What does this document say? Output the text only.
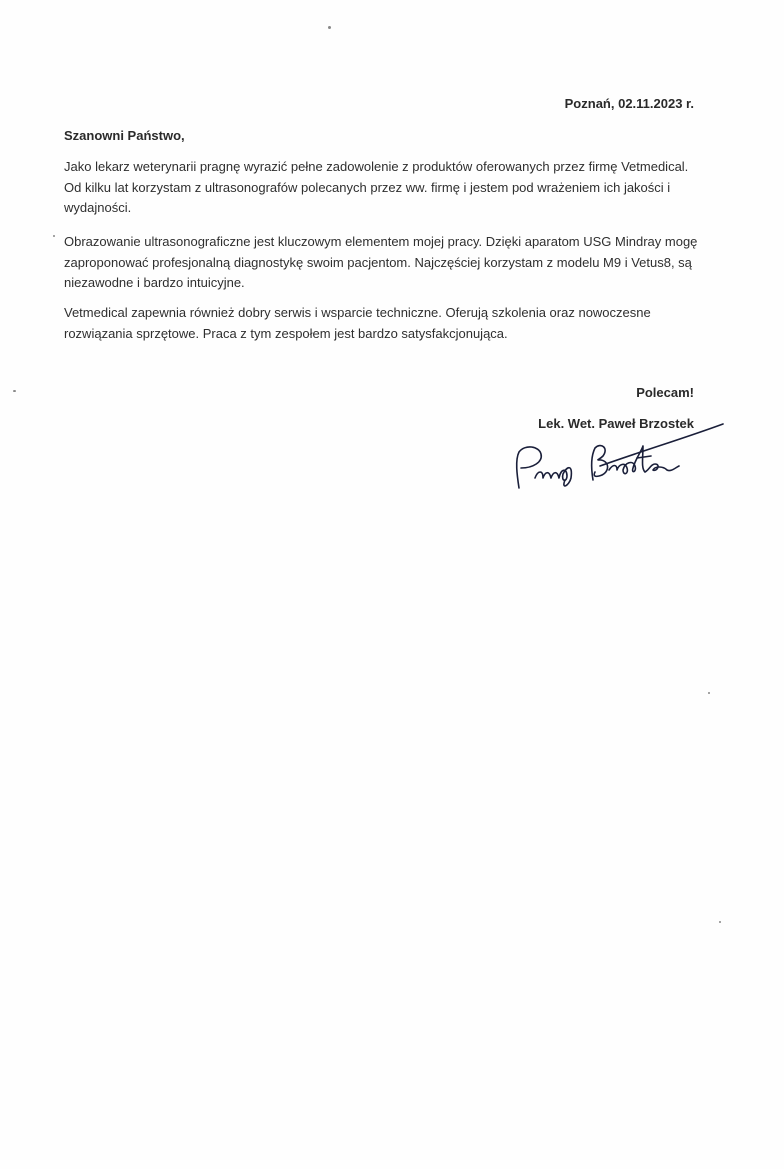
Poznań, 02.11.2023 r.
Szanowni Państwo,
Jako lekarz weterynarii pragnę wyrazić pełne zadowolenie z produktów oferowanych przez firmę Vetmedical. Od kilku lat korzystam z ultrasonografów polecanych przez ww. firmę i jestem pod wrażeniem ich jakości i wydajności.
Obrazowanie ultrasonograficzne jest kluczowym elementem mojej pracy. Dzięki aparatom USG Mindray mogę zaproponować profesjonalną diagnostykę swoim pacjentom. Najczęściej korzystam z modelu M9 i Vetus8, są niezawodne i bardzo intuicyjne.
Vetmedical zapewnia również dobry serwis i wsparcie techniczne. Oferują szkolenia oraz nowoczesne rozwiązania sprzętowe. Praca z tym zespołem jest bardzo satysfakcjonująca.
Polecam!
Lek. Wet. Paweł Brzostek
